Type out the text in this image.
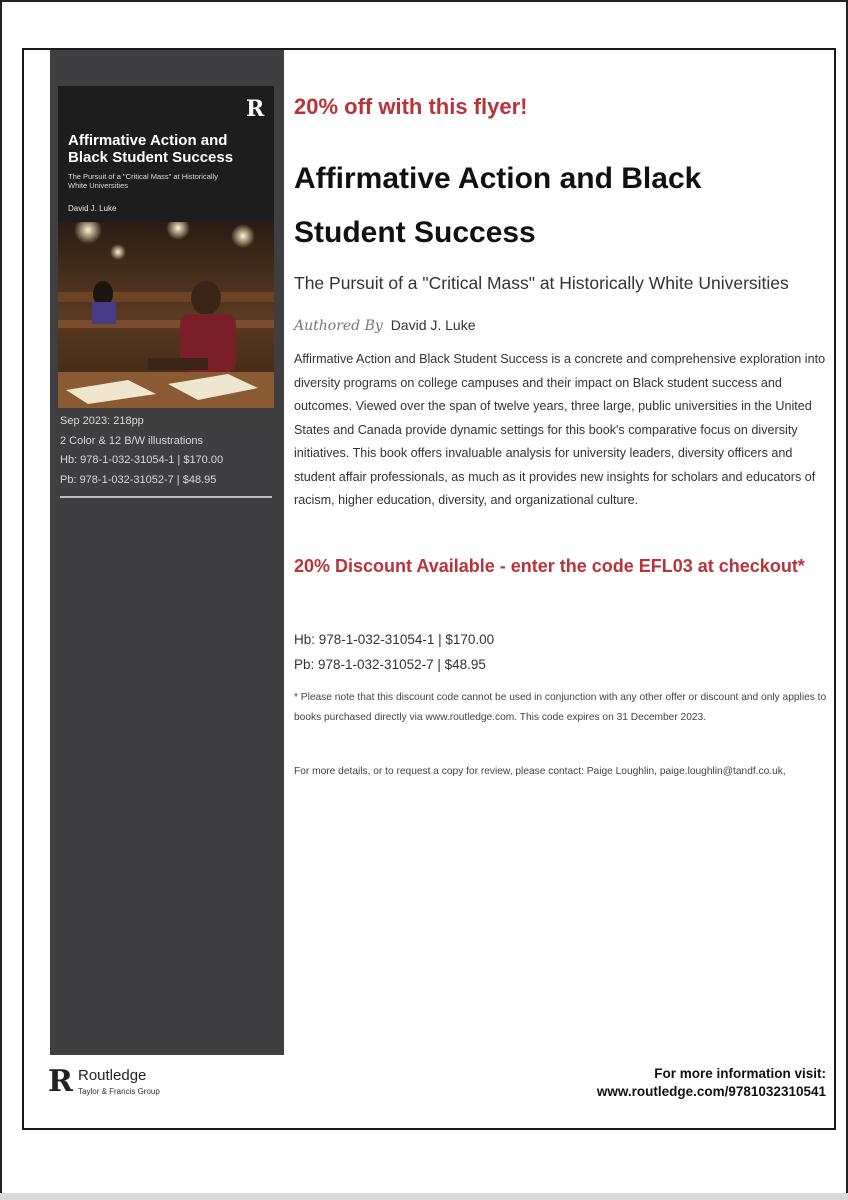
R
Affirmative Action and Black Student Success
The Pursuit of a "Critical Mass" at Historically White Universities
David J. Luke
Sep 2023: 218pp
2 Color & 12 B/W illustrations
Hb: 978-1-032-31054-1 | $170.00
Pb: 978-1-032-31052-7 | $48.95
20% off with this flyer!
Affirmative Action and Black Student Success
The Pursuit of a "Critical Mass" at Historically White Universities
Authored By David J. Luke
Affirmative Action and Black Student Success is a concrete and comprehensive exploration into diversity programs on college campuses and their impact on Black student success and outcomes. Viewed over the span of twelve years, three large, public universities in the United States and Canada provide dynamic settings for this book's comparative focus on diversity initiatives. This book offers invaluable analysis for university leaders, diversity officers and student affair professionals, as much as it provides new insights for scholars and educators of racism, higher education, diversity, and organizational culture.
20% Discount Available - enter the code EFL03 at checkout*
Hb: 978-1-032-31054-1 | $170.00
Pb: 978-1-032-31052-7 | $48.95
* Please note that this discount code cannot be used in conjunction with any other offer or discount and only applies to books purchased directly via www.routledge.com. This code expires on 31 December 2023.
For more details, or to request a copy for review, please contact: Paige Loughlin, paige.loughlin@tandf.co.uk,
R Routledge
Taylor & Francis Group
For more information visit:
www.routledge.com/9781032310541
